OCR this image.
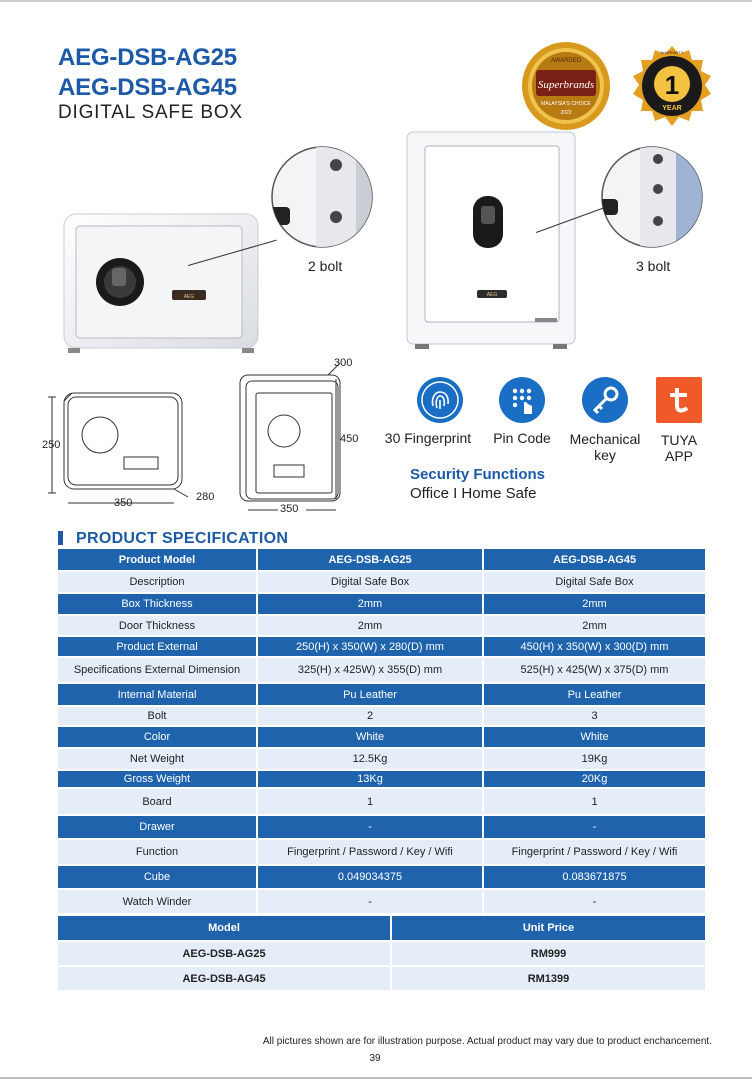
AEG-DSB-AG25
AEG-DSB-AG45
DIGITAL SAFE BOX
AWARDED
Superbrands
MALAYSIA'S CHOICE
2022
WARRANTY
1
YEAR
AEG	AEG
2 bolt	3 bolt
250
350	280
450
350
300
30 Fingerprint	Pin Code	Mechanical key
TUYA APP
Security Functions
Office I Home Safe
PRODUCT SPECIFICATION
Product Model	AEG-DSB-AG25	AEG-DSB-AG45
Description	Digital Safe Box	Digital Safe Box
Box Thickness	2mm	2mm
Door Thickness	2mm	2mm
Product External	250(H) x 350(W) x 280(D) mm	450(H) x 350(W) x 300(D) mm
Specifications External Dimension	325(H) x 425W) x 355(D) mm	525(H) x 425(W) x 375(D) mm
Internal Material	Pu Leather	Pu Leather
Bolt	2	3
Color	White	White
Net Weight	12.5Kg	19Kg
Gross Weight	13Kg	20Kg
Board	1	1
Drawer	-	-
Function	Fingerprint / Password / Key / Wifi	Fingerprint / Password / Key / Wifi
Cube	0.049034375	0.083671875
Watch Winder	-	-
Model	Unit Price
AEG-DSB-AG25	RM999
AEG-DSB-AG45	RM1399
All pictures shown are for illustration purpose. Actual product may vary due to product enchancement.
39
